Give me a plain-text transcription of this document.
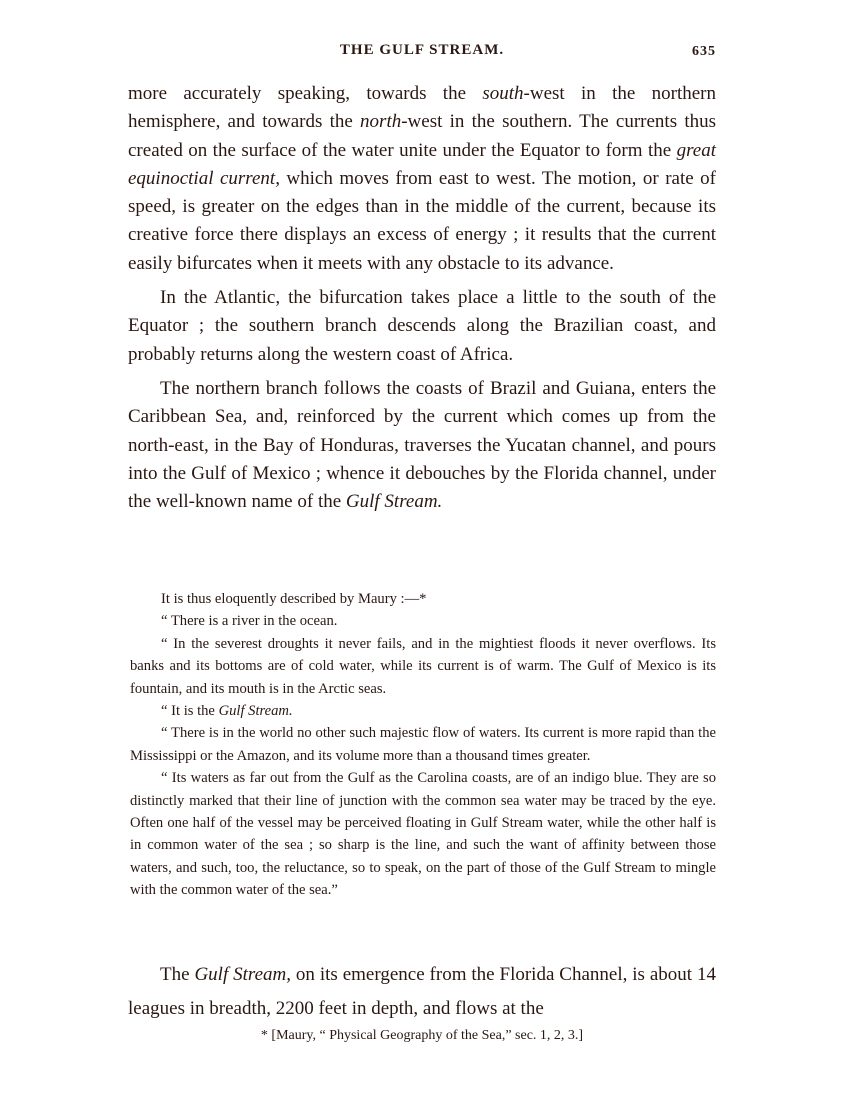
THE GULF STREAM.	635

more accurately speaking, towards the south-west in the northern hemisphere, and towards the north-west in the southern. The currents thus created on the surface of the water unite under the Equator to form the great equinoctial current, which moves from east to west. The motion, or rate of speed, is greater on the edges than in the middle of the current, because its creative force there displays an excess of energy ; it results that the current easily bifurcates when it meets with any obstacle to its advance.

In the Atlantic, the bifurcation takes place a little to the south of the Equator ; the southern branch descends along the Brazilian coast, and probably returns along the western coast of Africa.

The northern branch follows the coasts of Brazil and Guiana, enters the Caribbean Sea, and, reinforced by the current which comes up from the north-east, in the Bay of Honduras, traverses the Yucatan channel, and pours into the Gulf of Mexico ; whence it debouches by the Florida channel, under the well-known name of the Gulf Stream.

It is thus eloquently described by Maury :—*

“ There is a river in the ocean.

“ In the severest droughts it never fails, and in the mightiest floods it never overflows. Its banks and its bottoms are of cold water, while its current is of warm. The Gulf of Mexico is its fountain, and its mouth is in the Arctic seas.

“ It is the Gulf Stream.

“ There is in the world no other such majestic flow of waters. Its current is more rapid than the Mississippi or the Amazon, and its volume more than a thousand times greater.

“ Its waters as far out from the Gulf as the Carolina coasts, are of an indigo blue. They are so distinctly marked that their line of junction with the common sea water may be traced by the eye. Often one half of the vessel may be perceived floating in Gulf Stream water, while the other half is in common water of the sea ; so sharp is the line, and such the want of affinity between those waters, and such, too, the reluctance, so to speak, on the part of those of the Gulf Stream to mingle with the common water of the sea.”

The Gulf Stream, on its emergence from the Florida Channel, is about 14 leagues in breadth, 2200 feet in depth, and flows at the

* [Maury, “ Physical Geography of the Sea,” sec. 1, 2, 3.]
